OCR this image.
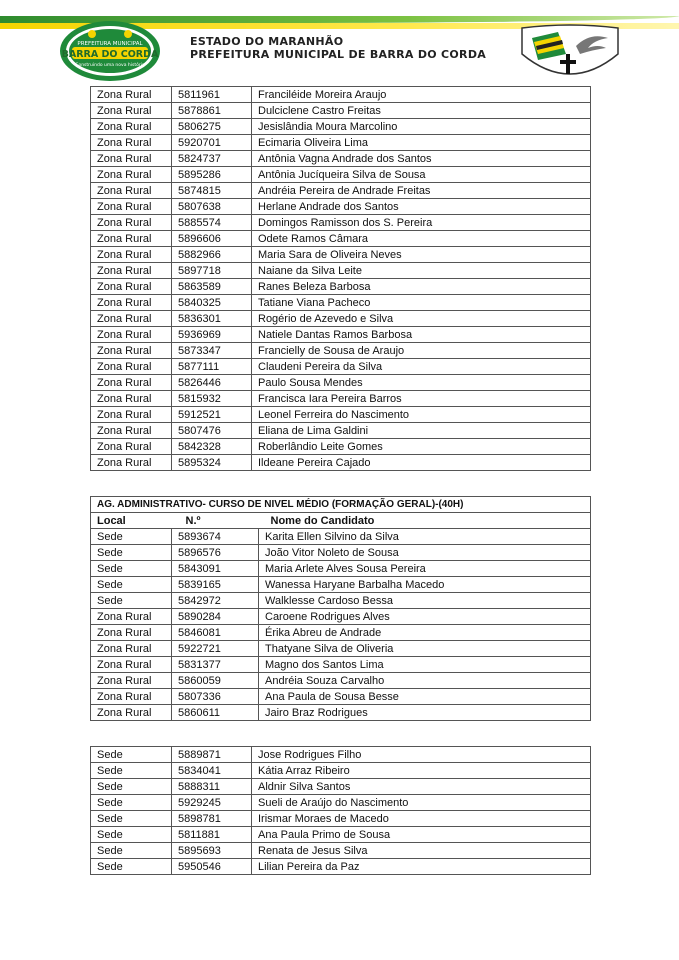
PREFEITURA MUNICIPAL
BARRA DO CORDA
Construindo uma nova história
ESTADO DO MARANHÃO
PREFEITURA MUNICIPAL DE BARRA DO CORDA
Zona Rural	5811961	Franciléide Moreira Araujo
Zona Rural	5878861	Dulciclene Castro Freitas
Zona Rural	5806275	Jesislândia Moura Marcolino
Zona Rural	5920701	Ecimaria Oliveira Lima
Zona Rural	5824737	Antônia Vagna Andrade dos Santos
Zona Rural	5895286	Antônia Jucíqueira Silva de Sousa
Zona Rural	5874815	Andréia Pereira de Andrade Freitas
Zona Rural	5807638	Herlane Andrade dos Santos
Zona Rural	5885574	Domingos Ramisson dos S. Pereira
Zona Rural	5896606	Odete Ramos Câmara
Zona Rural	5882966	Maria Sara de Oliveira Neves
Zona Rural	5897718	Naiane da Silva Leite
Zona Rural	5863589	Ranes Beleza Barbosa
Zona Rural	5840325	Tatiane Viana Pacheco
Zona Rural	5836301	Rogério de Azevedo e Silva
Zona Rural	5936969	Natiele Dantas Ramos Barbosa
Zona Rural	5873347	Francielly de Sousa de Araujo
Zona Rural	5877111	Claudeni Pereira da Silva
Zona Rural	5826446	Paulo Sousa Mendes
Zona Rural	5815932	Francisca Iara Pereira Barros
Zona Rural	5912521	Leonel Ferreira do Nascimento
Zona Rural	5807476	Eliana de Lima Galdini
Zona Rural	5842328	Roberlândio Leite Gomes
Zona Rural	5895324	Ildeane Pereira Cajado
AG. ADMINISTRATIVO- CURSO DE NIVEL MÉDIO (FORMAÇÃO GERAL)-(40H)		
Local	N.º	Nome do Candidato
Sede	5893674	Karita Ellen Silvino da Silva
Sede	5896576	João Vitor Noleto de Sousa
Sede	5843091	Maria Arlete Alves Sousa Pereira
Sede	5839165	Wanessa Haryane Barbalha Macedo
Sede	5842972	Walklesse Cardoso Bessa
Zona Rural	5890284	Caroene Rodrigues Alves
Zona Rural	5846081	Érika Abreu de Andrade
Zona Rural	5922721	Thatyane Silva de Oliveria
Zona Rural	5831377	Magno dos Santos Lima
Zona Rural	5860059	Andréia Souza Carvalho
Zona Rural	5807336	Ana Paula de Sousa Besse
Zona Rural	5860611	Jairo Braz Rodrigues
Sede	5889871	Jose Rodrigues Filho
Sede	5834041	Kátia Arraz Ribeiro
Sede	5888311	Aldnir Silva Santos
Sede	5929245	Sueli de Araújo do Nascimento
Sede	5898781	Irismar Moraes de Macedo
Sede	5811881	Ana Paula Primo de Sousa
Sede	5895693	Renata de Jesus Silva
Sede	5950546	Lilian Pereira da Paz
